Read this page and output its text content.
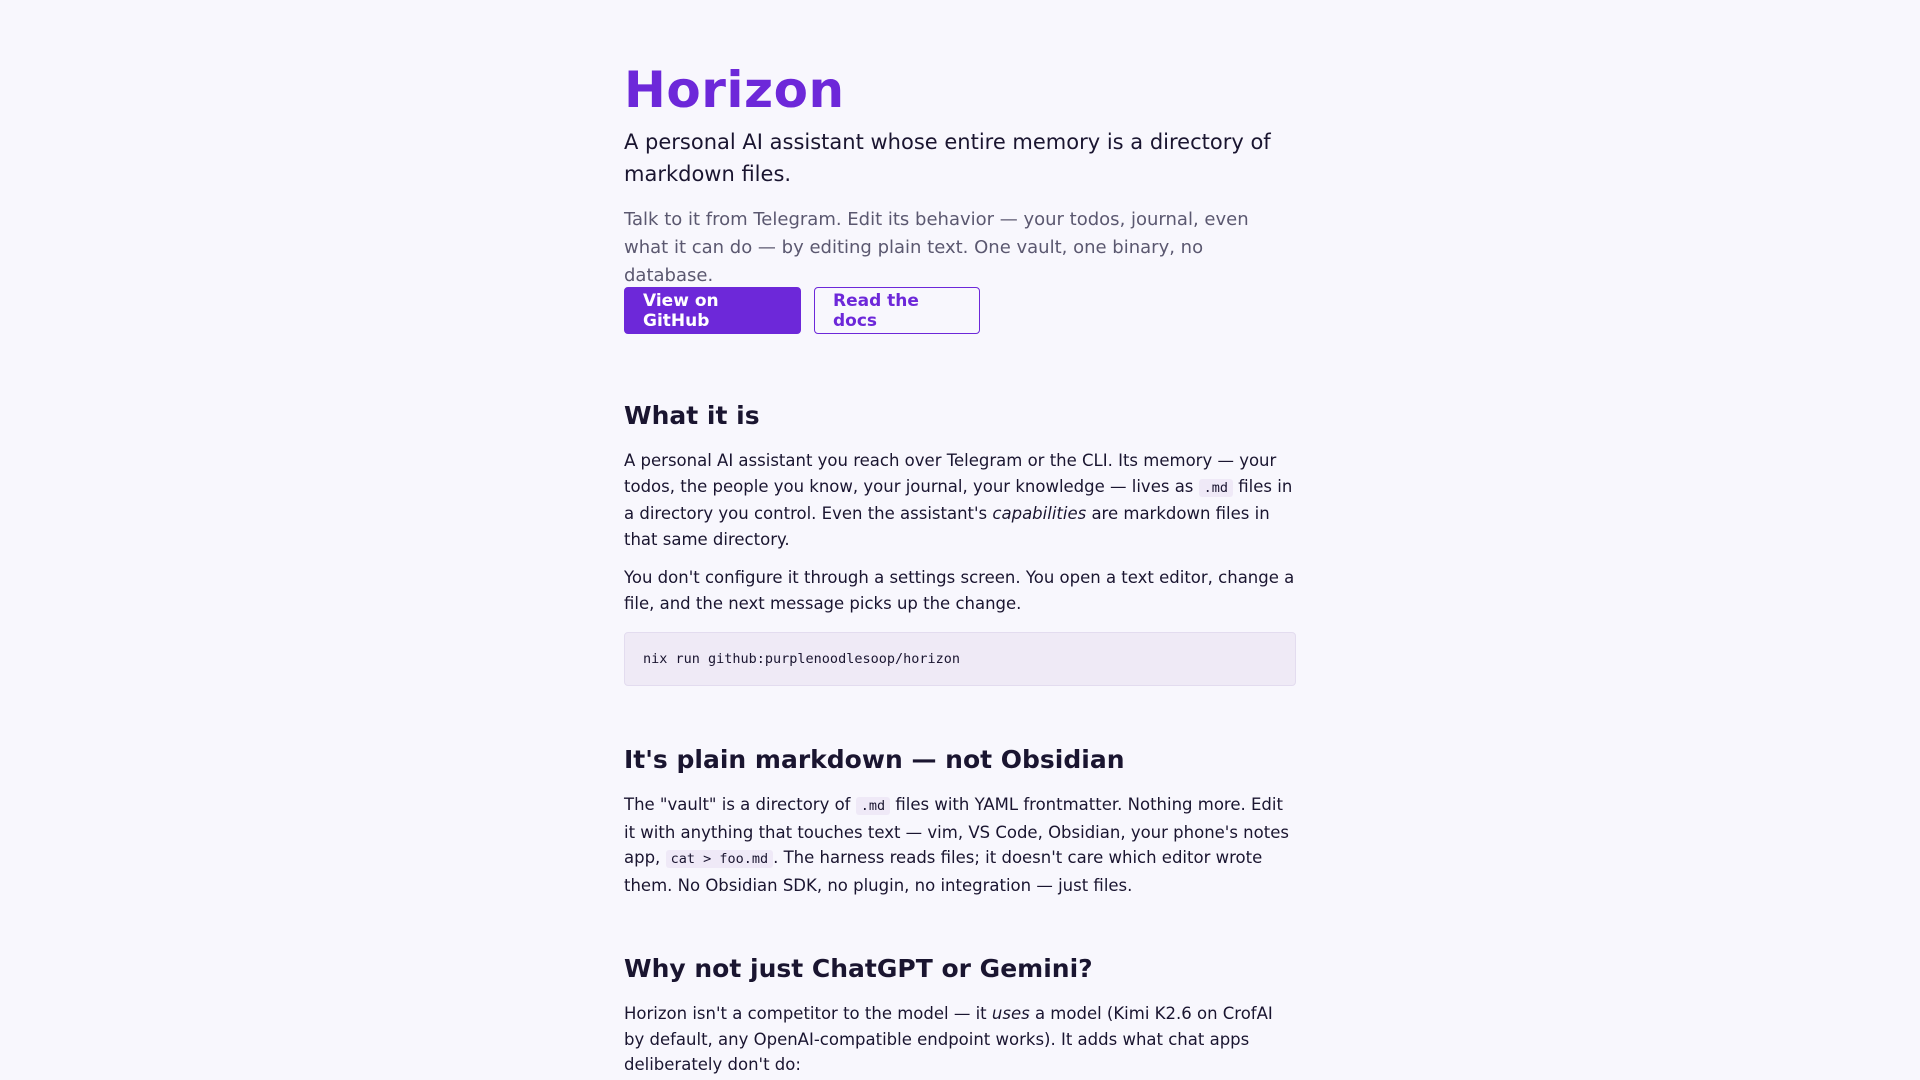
Horizon
A personal AI assistant whose entire memory is a directory of markdown files.
Talk to it from Telegram. Edit its behavior — your todos, journal, even what it can do — by editing plain text. One vault, one binary, no database.
View on GitHub
Read the docs
What it is

A personal AI assistant you reach over Telegram or the CLI. Its memory — your todos, the people you know, your journal, your knowledge — lives as .md files in a directory you control. Even the assistant's capabilities are markdown files in that same directory.

You don't configure it through a settings screen. You open a text editor, change a file, and the next message picks up the change.

nix run github:purplenoodlesoop/horizon
It's plain markdown — not Obsidian

The "vault" is a directory of .md files with YAML frontmatter. Nothing more. Edit it with anything that touches text — vim, VS Code, Obsidian, your phone's notes app, cat > foo.md . The harness reads files; it doesn't care which editor wrote them. No Obsidian SDK, no plugin, no integration — just files.

Why not just ChatGPT or Gemini?

Horizon isn't a competitor to the model — it uses a model (Kimi K2.6 on CrofAI by default, any OpenAI-compatible endpoint works). It adds what chat apps deliberately don't do:
